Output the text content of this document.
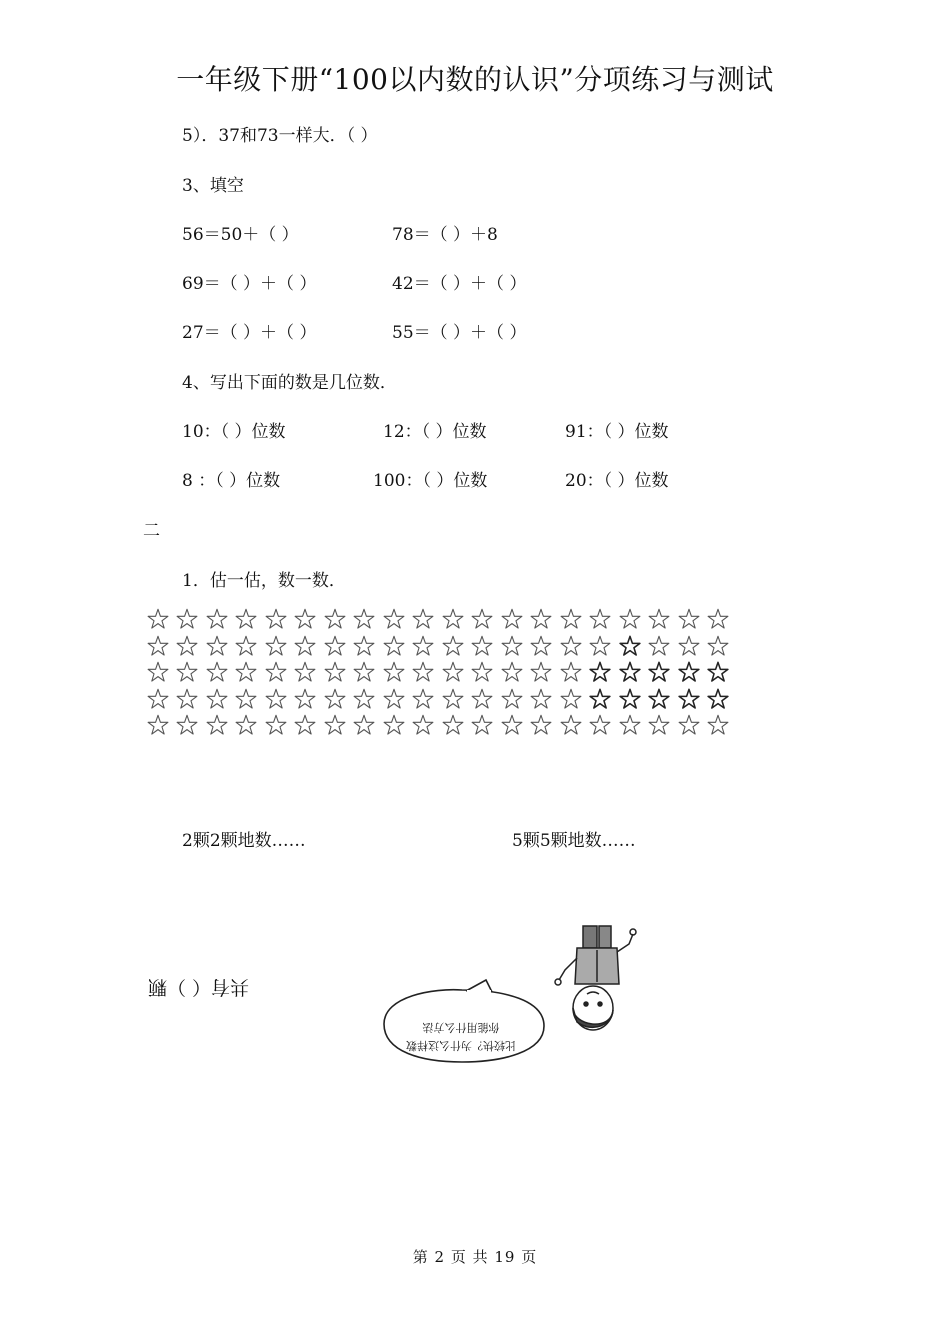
一年级下册“100以内数的认识”分项练习与测试
5）．37和73一样大．（ ）
3、填空
56＝50＋（ ）	78＝（ ）＋8
69＝（ ）＋（ ）	42＝（ ）＋（ ）
27＝（ ）＋（ ）	55＝（ ）＋（ ）
4、写出下面的数是几位数．
10：（ ）位数	12：（ ）位数	91：（ ）位数
8 ：（ ）位数	100：（ ）位数	20：（ ）位数
二
1．估一估，数一数．
2颗2颗地数……	5颗5颗地数……
共有（ ）颗
比较快？为什么这样数
你能用什么方法
第 2 页 共 19 页
